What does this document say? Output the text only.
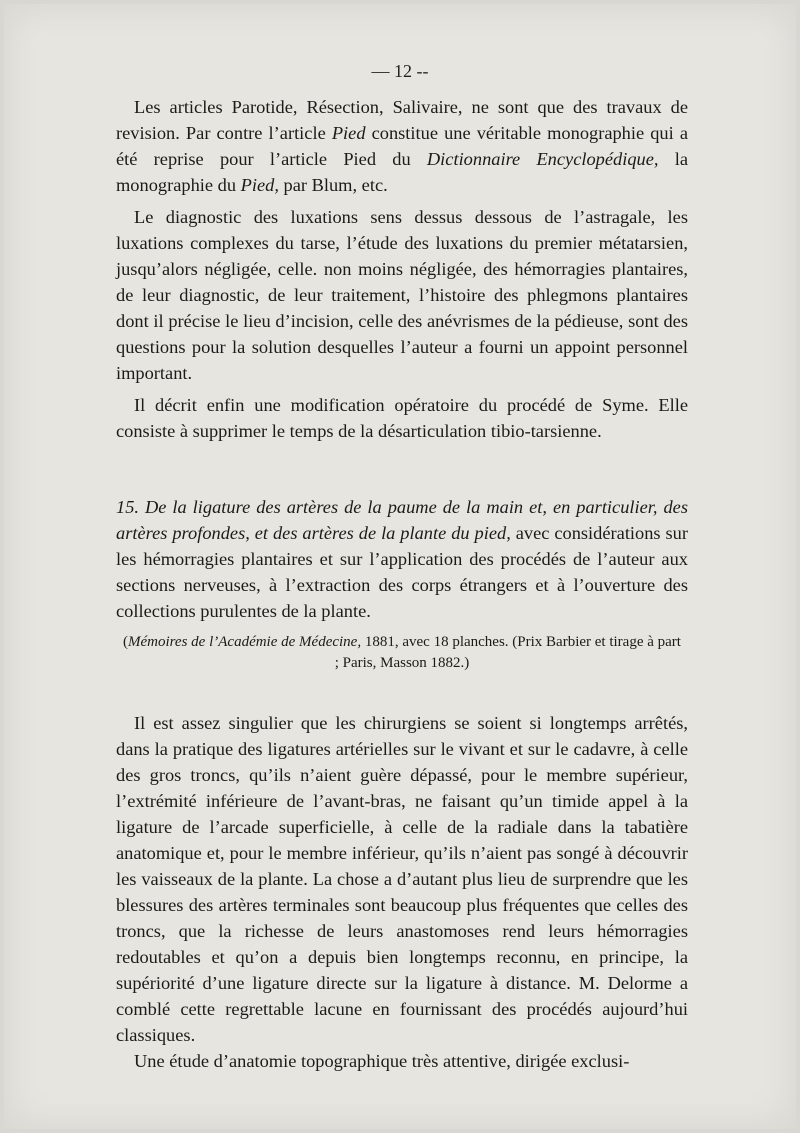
— 12 --

Les articles Parotide, Résection, Salivaire, ne sont que des travaux de revision. Par contre l’article Pied constitue une véritable monographie qui a été reprise pour l’article Pied du Dictionnaire Encyclopédique, la monographie du Pied, par Blum, etc.

Le diagnostic des luxations sens dessus dessous de l’astragale, les luxations complexes du tarse, l’étude des luxations du premier métatarsien, jusqu’alors négligée, celle. non moins négligée, des hémorragies plantaires, de leur diagnostic, de leur traitement, l’histoire des phlegmons plantaires dont il précise le lieu d’incision, celle des anévrismes de la pédieuse, sont des questions pour la solution desquelles l’auteur a fourni un appoint personnel important.

Il décrit enfin une modification opératoire du procédé de Syme. Elle consiste à supprimer le temps de la désarticulation tibio-tarsienne.

15. De la ligature des artères de la paume de la main et, en particulier, des artères profondes, et des artères de la plante du pied, avec considérations sur les hémorragies plantaires et sur l’application des procédés de l’auteur aux sections nerveuses, à l’extraction des corps étrangers et à l’ouverture des collections purulentes de la plante.

(Mémoires de l’Académie de Médecine, 1881, avec 18 planches. (Prix Barbier et tirage à part ; Paris, Masson 1882.)

Il est assez singulier que les chirurgiens se soient si longtemps arrêtés, dans la pratique des ligatures artérielles sur le vivant et sur le cadavre, à celle des gros troncs, qu’ils n’aient guère dépassé, pour le membre supérieur, l’extrémité inférieure de l’avant-bras, ne faisant qu’un timide appel à la ligature de l’arcade superficielle, à celle de la radiale dans la tabatière anatomique et, pour le membre inférieur, qu’ils n’aient pas songé à découvrir les vaisseaux de la plante. La chose a d’autant plus lieu de surprendre que les blessures des artères terminales sont beaucoup plus fréquentes que celles des troncs, que la richesse de leurs anastomoses rend leurs hémorragies redoutables et qu’on a depuis bien longtemps reconnu, en principe, la supériorité d’une ligature directe sur la ligature à distance. M. Delorme a comblé cette regrettable lacune en fournissant des procédés aujourd’hui classiques.

Une étude d’anatomie topographique très attentive, dirigée exclusi-
